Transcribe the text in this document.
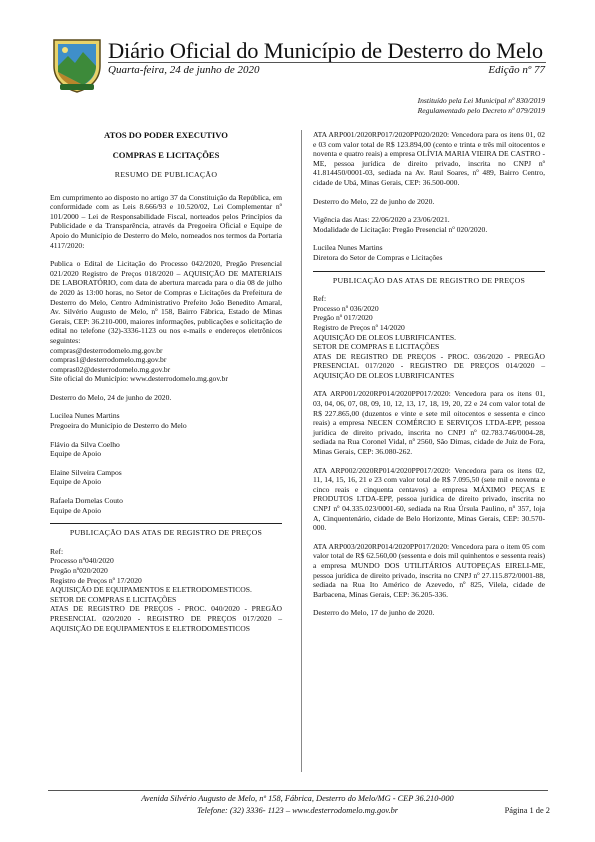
Diário Oficial do Município de Desterro do Melo
Quarta-feira, 24 de junho de 2020	Edição nº 77
Instituído pela Lei Municipal nº 830/2019
Regulamentado pelo Decreto nº 079/2019
ATOS DO PODER EXECUTIVO
COMPRAS E LICITAÇÕES
RESUMO DE PUBLICAÇÃO

Em cumprimento ao disposto no artigo 37 da Constituição da República, em conformidade com as Leis 8.666/93 e 10.520/02, Lei Complementar nº 101/2000 – Lei de Responsabilidade Fiscal, norteados pelos Princípios da Publicidade e da Transparência, através da Pregoeira Oficial e Equipe de Apoio do Município de Desterro do Melo, nomeados nos termos da Portaria 4117/2020:

Publica o Edital de Licitação do Processo 042/2020, Pregão Presencial 021/2020 Registro de Preços 018/2020 – AQUISIÇÃO DE MATERIAIS DE LABORATÓRIO, com data de abertura marcada para o dia 08 de julho de 2020 às 13:00 horas, no Setor de Compras e Licitações da Prefeitura de Desterro do Melo, Centro Administrativo Prefeito João Benedito Amaral, Av. Silvério Augusto de Melo, nº 158, Bairro Fábrica, Estado de Minas Gerais, CEP: 36.210-000, maiores informações, publicações e solicitação de edital no telefone (32)-3336-1123 ou nos e-mails e endereços eletrônicos seguintes:

compras@desterrodomelo.mg.gov.br
compras1@desterrodomelo.mg.gov.br
compras02@desterrodomelo.mg.gov.br
Site oficial do Município: www.desterrodomelo.mg.gov.br
Desterro do Melo, 24 de junho de 2020.
Lucilea Nunes Martins
Pregoeira do Município de Desterro do Melo
Flávio da Silva Coelho
Equipe de Apoio
Elaine Silveira Campos
Equipe de Apoio
Rafaela Dornelas Couto
Equipe de Apoio
PUBLICAÇÃO DAS ATAS DE REGISTRO DE PREÇOS
Ref:
Processo nº040/2020
Pregão nº020/2020
Registro de Preços nº 17/2020

AQUISIÇÃO DE EQUIPAMENTOS E ELETRODOMESTICOS.

SETOR DE COMPRAS E LICITAÇÕES

ATAS DE REGISTRO DE PREÇOS - PROC. 040/2020 - PREGÃO PRESENCIAL 020/2020 - REGISTRO DE PREÇOS 017/2020 – AQUISIÇÃO DE EQUIPAMENTOS E ELETRODOMESTICOS

ATA ARP001/2020RP017/2020PP020/2020: Vencedora para os itens 01, 02 e 03 com valor total de R$ 123.894,00 (cento e trinta e três mil oitocentos e noventa e quatro reais) a empresa OLÍVIA MARIA VIEIRA DE CASTRO - ME, pessoa jurídica de direito privado, inscrita no CNPJ nº 41.814450/0001-03, sediada na Av. Raul Soares, nº 489, Bairro Centro, cidade de Ubá, Minas Gerais, CEP: 36.500-000.

Desterro do Melo, 22 de junho de 2020.
Vigência das Atas: 22/06/2020 a 23/06/2021.
Modalidade de Licitação: Pregão Presencial nº 020/2020.
Lucilea Nunes Martins
Diretora do Setor de Compras e Licitações
PUBLICAÇÃO DAS ATAS DE REGISTRO DE PREÇOS
Ref:
Processo nº 036/2020
Pregão nº 017/2020
Registro de Preços nº 14/2020
AQUISIÇÃO DE OLEOS LUBRIFICANTES.
SETOR DE COMPRAS E LICITAÇÕES

ATAS DE REGISTRO DE PREÇOS - PROC. 036/2020 - PREGÃO PRESENCIAL 017/2020 - REGISTRO DE PREÇOS 014/2020 – AQUISIÇÃO DE OLEOS LUBRIFICANTES

ATA ARP001/2020RP014/2020PP017/2020: Vencedora para os itens 01, 03, 04, 06, 07, 08, 09, 10, 12, 13, 17, 18, 19, 20, 22 e 24 com valor total de R$ 227.865,00 (duzentos e vinte e sete mil oitocentos e sessenta e cinco reais) a empresa NECEN COMÉRCIO E SERVIÇOS LTDA-EPP, pessoa jurídica de direito privado, inscrita no CNPJ nº 02.783.746/0004-28, sediada na Rua Coronel Vidal, nº 2560, São Dimas, cidade de Juiz de Fora, Minas Gerais, CEP: 36.080-262.

ATA ARP002/2020RP014/2020PP017/2020: Vencedora para os itens 02, 11, 14, 15, 16, 21 e 23 com valor total de R$ 7.095,50 (sete mil e noventa e cinco reais e cinquenta centavos) a empresa MÁXIMO PEÇAS E PRODUTOS LTDA-EPP, pessoa jurídica de direito privado, inscrita no CNPJ nº 04.335.023/0001-60, sediada na Rua Úrsula Paulino, nº 357, loja A, Cinquentenário, cidade de Belo Horizonte, Minas Gerais, CEP: 30.570-000.

ATA ARP003/2020RP014/2020PP017/2020: Vencedora para o item 05 com valor total de R$ 62.560,00 (sessenta e dois mil quinhentos e sessenta reais) a empresa MUNDO DOS UTILITÁRIOS AUTOPEÇAS EIRELI-ME, pessoa jurídica de direito privado, inscrita no CNPJ nº 27.115.872/0001-88, sediada na Rua Ito Américo de Azevedo, nº 825, Vilela, cidade de Barbacena, Minas Gerais, CEP: 36.205-336.

Desterro do Melo, 17 de junho de 2020.
Avenida Silvério Augusto de Melo, nº 158, Fábrica, Desterro do Melo/MG - CEP 36.210-000
Telefone: (32) 3336- 1123 – www.desterrodomelo.mg.gov.br	Página 1 de 2
